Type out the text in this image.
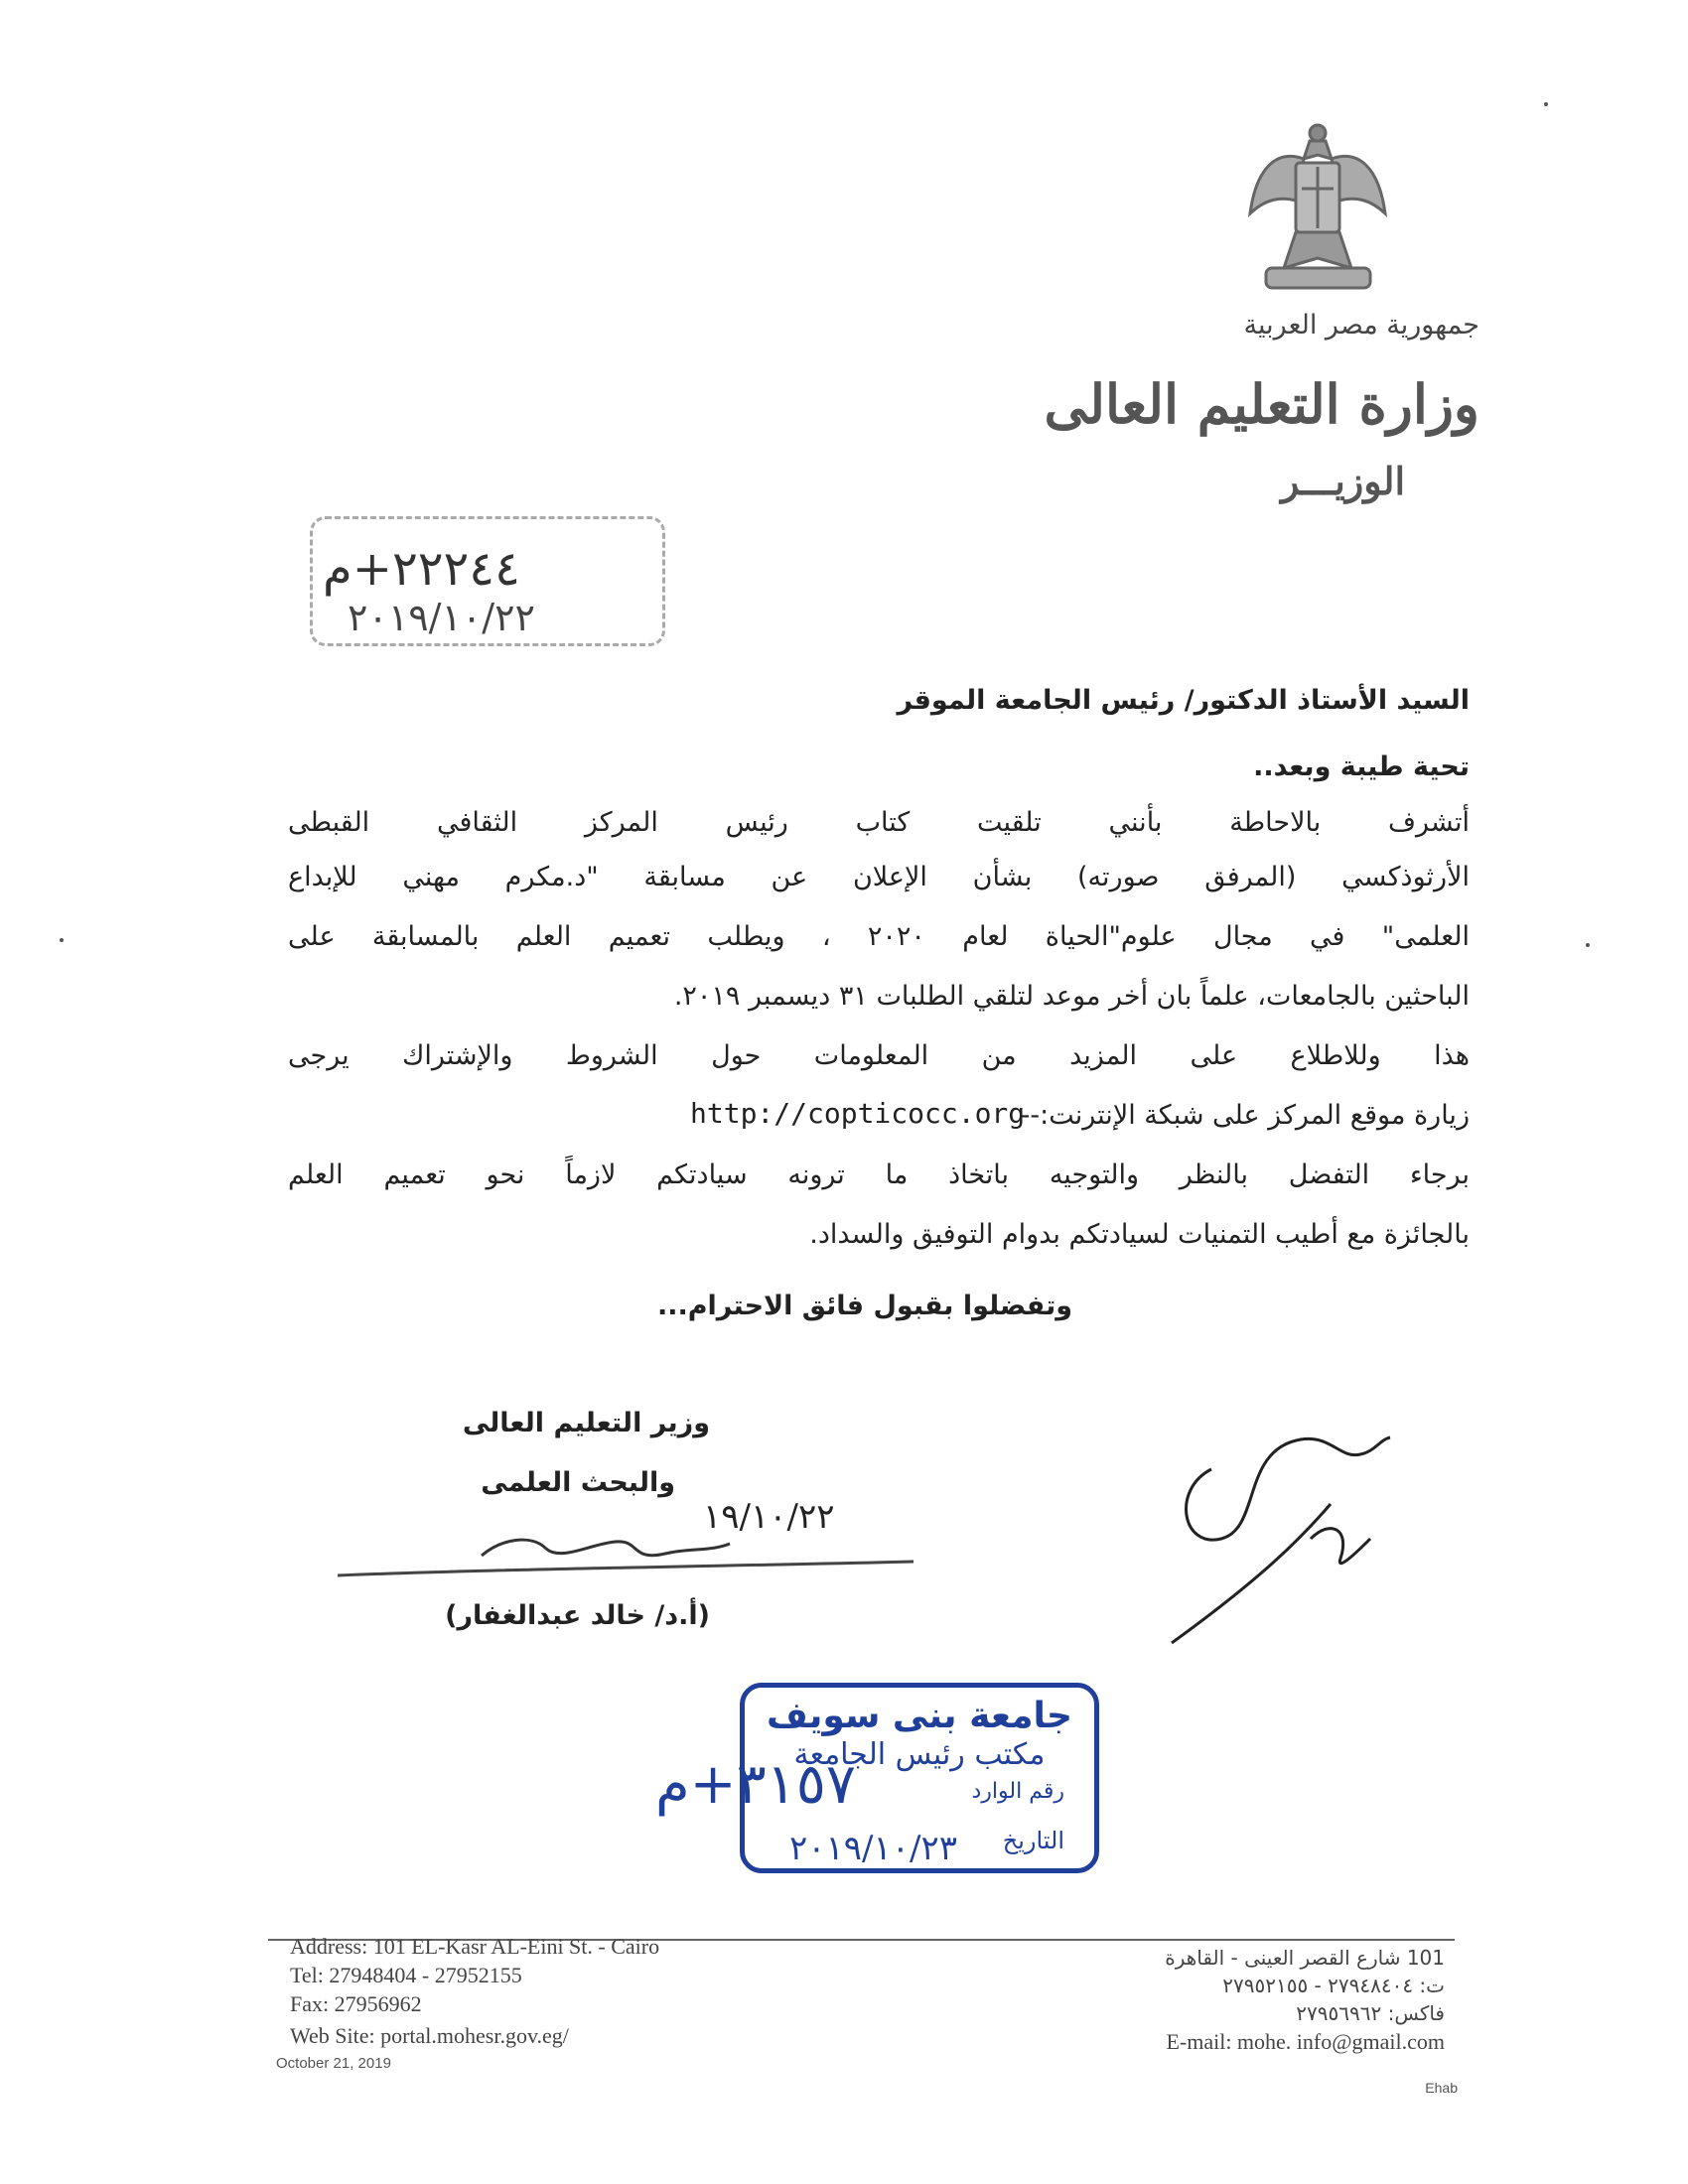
جمهورية مصر العربية
وزارة التعليم العالى
الوزيـــر
٢٢٢٤٤+م
٢٠١٩/١٠/٢٢
السيد الأستاذ الدكتور/ رئيس الجامعة الموقر
تحية طيبة وبعد..
أتشرف بالاحاطة بأنني تلقيت كتاب رئيس المركز الثقافي القبطى
الأرثوذكسي (المرفق صورته) بشأن الإعلان عن مسابقة "د.مكرم مهني للإبداع
العلمى" في مجال علوم"الحياة لعام ٢٠٢٠ ، ويطلب تعميم العلم بالمسابقة على
الباحثين بالجامعات، علماً بان أخر موعد لتلقي الطلبات ٣١ ديسمبر ٢٠١٩.
هذا وللاطلاع على المزيد من المعلومات حول الشروط والإشتراك يرجى
زيارة موقع المركز على شبكة الإنترنت:--
http://copticocc.org
برجاء التفضل بالنظر والتوجيه باتخاذ ما ترونه سيادتكم لازماً نحو تعميم العلم
بالجائزة مع أطيب التمنيات لسيادتكم بدوام التوفيق والسداد.
وتفضلوا بقبول فائق الاحترام...
وزير التعليم العالى
والبحث العلمى
١٩/١٠/٢٢
(أ.د/ خالد عبدالغفار)
جامعة بنى سويف
مكتب رئيس الجامعة
رقم الوارد
التاريخ
٣١٥٧+م
٢٠١٩/١٠/٢٣
Address: 101 EL-Kasr AL-Eini St. - Cairo
Tel: 27948404 - 27952155
Fax: 27956962
Web Site: portal.mohesr.gov.eg/
October 21, 2019
101 شارع القصر العينى - القاهرة
ت: ٢٧٩٤٨٤٠٤ - ٢٧٩٥٢١٥٥
فاكس: ٢٧٩٥٦٩٦٢
E-mail: mohe. info@gmail.com
Ehab
